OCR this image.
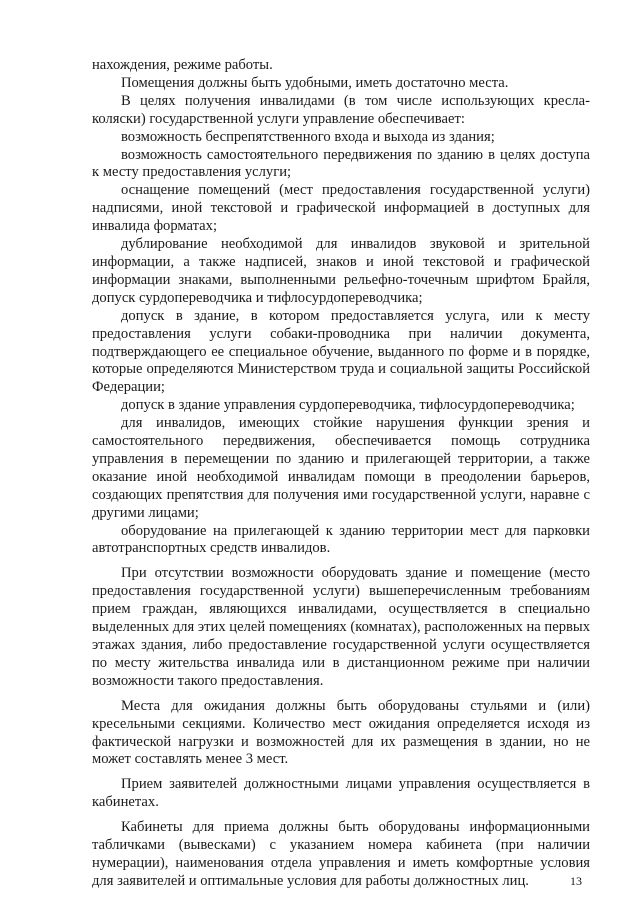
нахождения, режиме работы.

Помещения должны быть удобными, иметь достаточно места.

В целях получения инвалидами (в том числе использующих кресла-коляски) государственной услуги управление обеспечивает:

возможность беспрепятственного входа и выхода из здания;

возможность самостоятельного передвижения по зданию в целях доступа к месту предоставления услуги;

оснащение помещений (мест предоставления государственной услуги) надписями, иной текстовой и графической информацией в доступных для инвалида форматах;

дублирование необходимой для инвалидов звуковой и зрительной информации, а также надписей, знаков и иной текстовой и графической информации знаками, выполненными рельефно-точечным шрифтом Брайля, допуск сурдопереводчика и тифлосурдопереводчика;

допуск в здание, в котором предоставляется услуга, или к месту предоставления услуги собаки-проводника при наличии документа, подтверждающего ее специальное обучение, выданного по форме и в порядке, которые определяются Министерством труда и социальной защиты Российской Федерации;

допуск в здание управления сурдопереводчика, тифлосурдопереводчика;

для инвалидов, имеющих стойкие нарушения функции зрения и самостоятельного передвижения, обеспечивается помощь сотрудника управления в перемещении по зданию и прилегающей территории, а также оказание иной необходимой инвалидам помощи в преодолении барьеров, создающих препятствия для получения ими государственной услуги, наравне с другими лицами;

оборудование на прилегающей к зданию территории мест для парковки автотранспортных средств инвалидов.

При отсутствии возможности оборудовать здание и помещение (место предоставления государственной услуги) вышеперечисленным требованиям прием граждан, являющихся инвалидами, осуществляется в специально выделенных для этих целей помещениях (комнатах), расположенных на первых этажах здания, либо предоставление государственной услуги осуществляется по месту жительства инвалида или в дистанционном режиме при наличии возможности такого предоставления.

Места для ожидания должны быть оборудованы стульями и (или) кресельными секциями. Количество мест ожидания определяется исходя из фактической нагрузки и возможностей для их размещения в здании, но не может составлять менее 3 мест.

Прием заявителей должностными лицами управления осуществляется в кабинетах.

Кабинеты для приема должны быть оборудованы информационными табличками (вывесками) с указанием номера кабинета (при наличии нумерации), наименования отдела управления и иметь комфортные условия для заявителей и оптимальные условия для работы должностных лиц.	13
